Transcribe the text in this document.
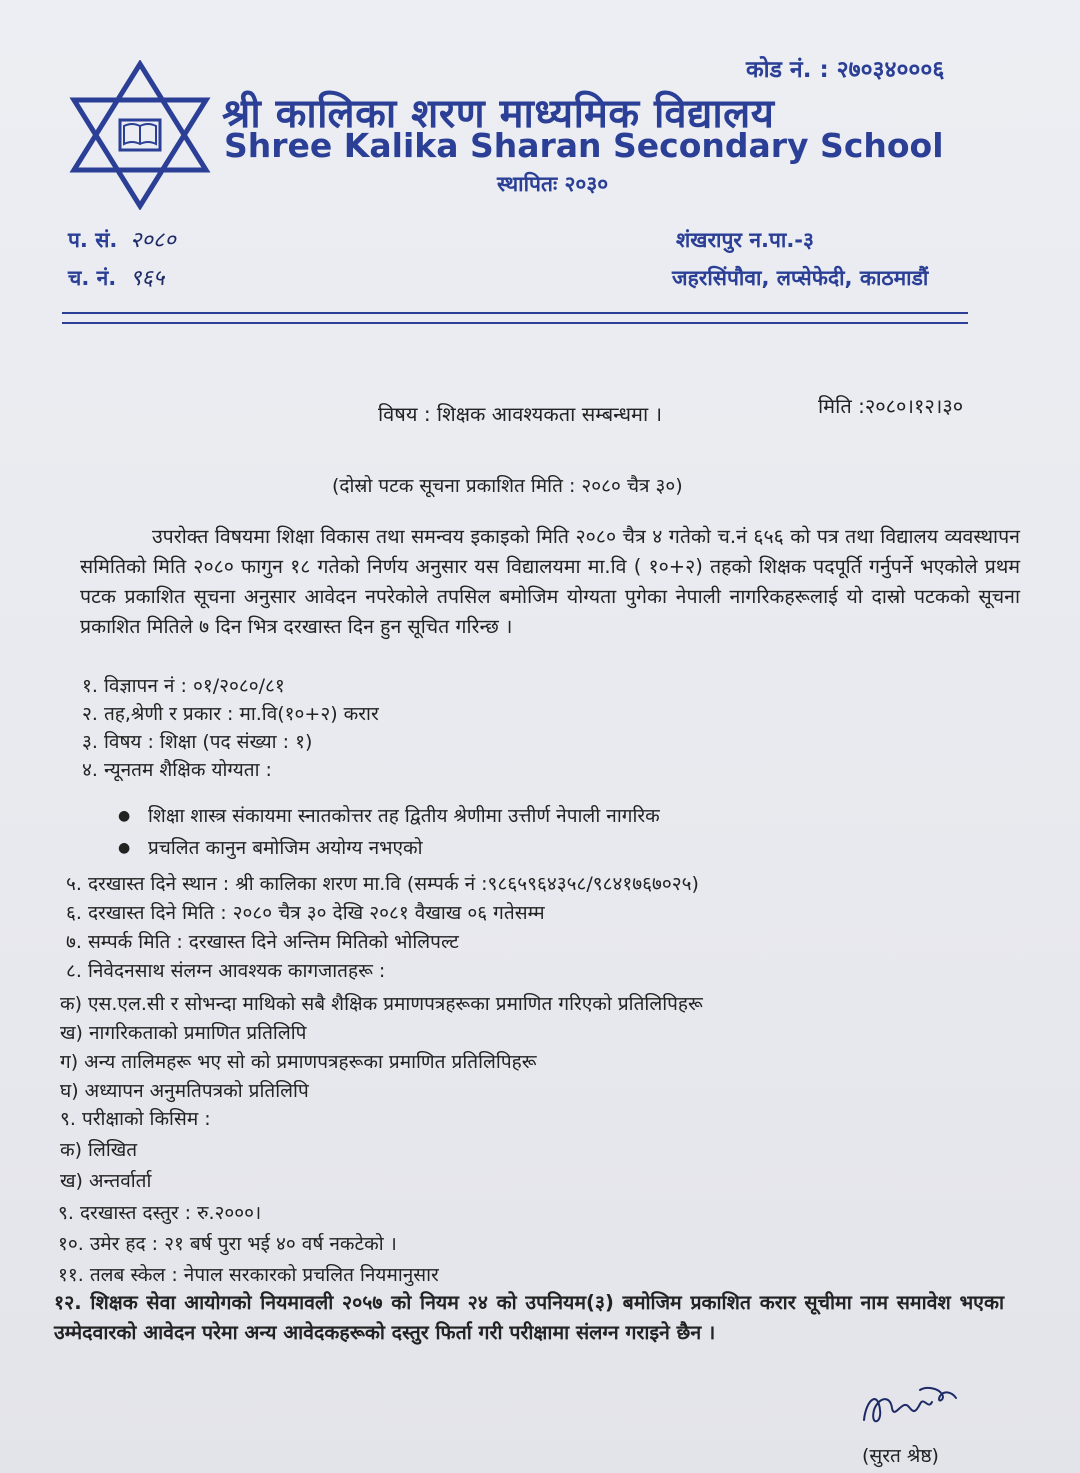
कोड नं. : २७०३४०००६
श्री कालिका शरण माध्यमिक विद्यालय
Shree Kalika Sharan Secondary School
स्थापितः २०३०
प. सं. २०८०
च. नं. ९६५
शंखरापुर न.पा.-३
जहरसिंपौवा, लप्सेफेदी, काठमाडौं
मिति :२०८०।१२।३०
विषय : शिक्षक आवश्यकता सम्बन्धमा ।
(दोस्रो पटक सूचना प्रकाशित मिति : २०८० चैत्र ३०)
उपरोक्त विषयमा शिक्षा विकास तथा समन्वय इकाइको मिति २०८० चैत्र ४ गतेको च.नं ६५६ को पत्र तथा विद्यालय व्यवस्थापन समितिको मिति २०८० फागुन १८ गतेको निर्णय अनुसार यस विद्यालयमा मा.वि ( १०+२) तहको शिक्षक पदपूर्ति गर्नुपर्ने भएकोले प्रथम पटक प्रकाशित सूचना अनुसार आवेदन नपरेकोले तपसिल बमोजिम योग्यता पुगेका नेपाली नागरिकहरूलाई यो दास्रो पटकको सूचना प्रकाशित मितिले ७ दिन भित्र दरखास्त दिन हुन सूचित गरिन्छ ।
१. विज्ञापन नं : ०१/२०८०/८१
२. तह,श्रेणी र प्रकार : मा.वि(१०+२) करार
३. विषय : शिक्षा (पद संख्या : १)
४. न्यूनतम शैक्षिक योग्यता :
● शिक्षा शास्त्र संकायमा स्नातकोत्तर तह द्वितीय श्रेणीमा उत्तीर्ण नेपाली नागरिक
● प्रचलित कानुन बमोजिम अयोग्य नभएको
५. दरखास्त दिने स्थान : श्री कालिका शरण मा.वि (सम्पर्क नं :९८६५९६४३५८/९८४१७६७०२५)
६. दरखास्त दिने मिति : २०८० चैत्र ३० देखि २०८१ वैखाख ०६ गतेसम्म
७. सम्पर्क मिति : दरखास्त दिने अन्तिम मितिको भोलिपल्ट
८. निवेदनसाथ संलग्न आवश्यक कागजातहरू :
क) एस.एल.सी र सोभन्दा माथिको सबै शैक्षिक प्रमाणपत्रहरूका प्रमाणित गरिएको प्रतिलिपिहरू
ख) नागरिकताको प्रमाणित प्रतिलिपि
ग) अन्य तालिमहरू भए सो को प्रमाणपत्रहरूका प्रमाणित प्रतिलिपिहरू
घ) अध्यापन अनुमतिपत्रको प्रतिलिपि
९. परीक्षाको किसिम :
क) लिखित
ख) अन्तर्वार्ता
९. दरखास्त दस्तुर : रु.२०००।
१०. उमेर हद : २१ बर्ष पुरा भई ४० वर्ष नकटेको ।
११. तलब स्केल : नेपाल सरकारको प्रचलित नियमानुसार
१२. शिक्षक सेवा आयोगको नियमावली २०५७ को नियम २४ को उपनियम(३) बमोजिम प्रकाशित करार सूचीमा नाम समावेश भएका उम्मेदवारको आवेदन परेमा अन्य आवेदकहरूको दस्तुर फिर्ता गरी परीक्षामा संलग्न गराइने छैन ।
(सुरत श्रेष्ठ)
